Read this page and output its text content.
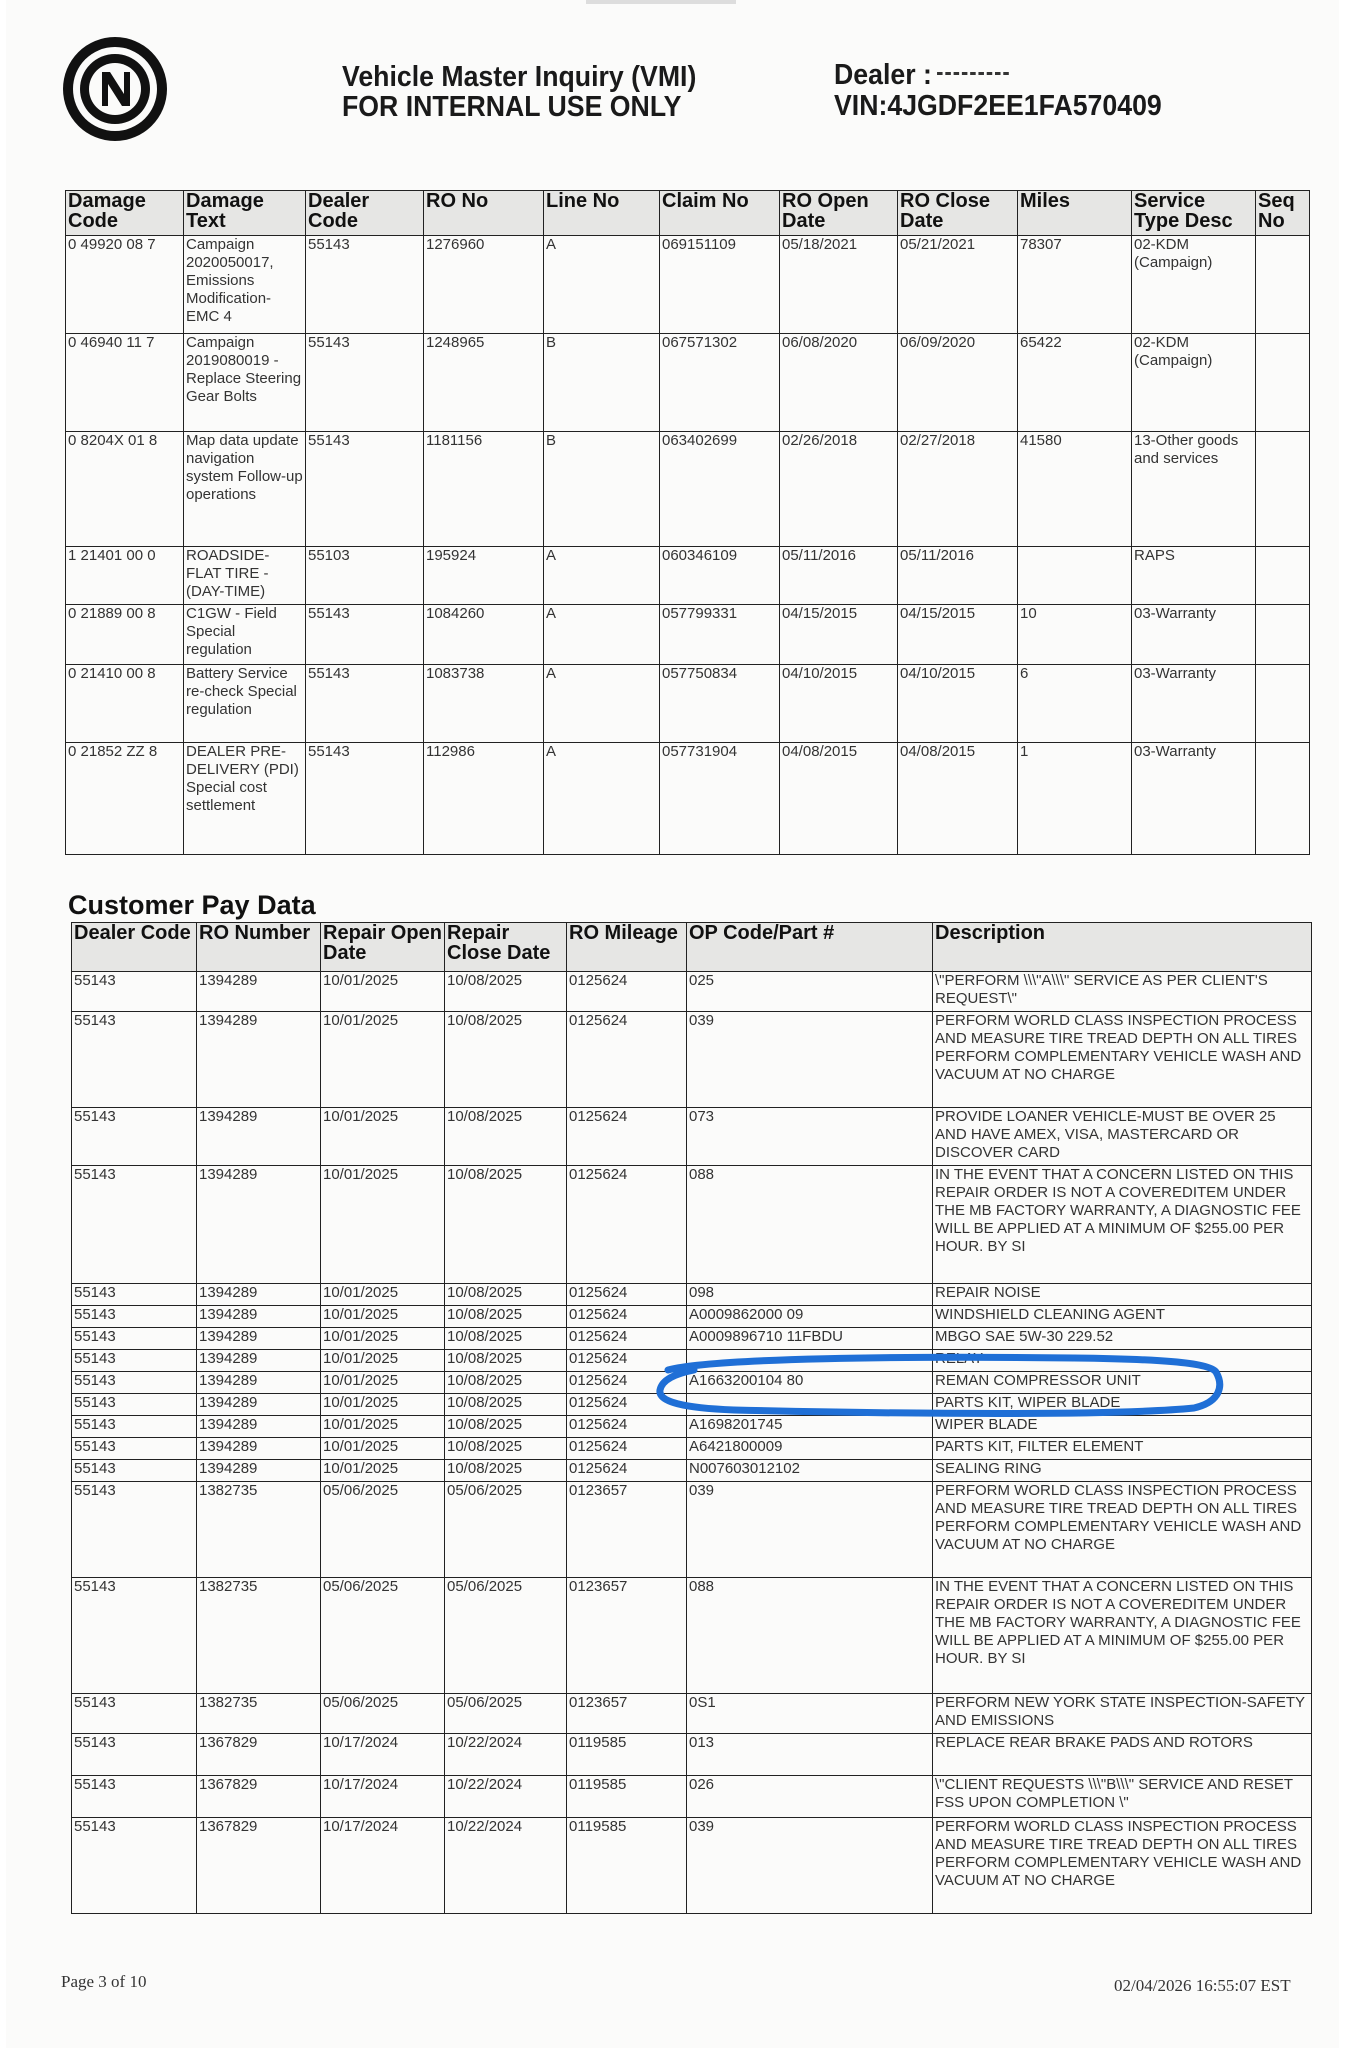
Vehicle Master Inquiry (VMI)
FOR INTERNAL USE ONLY
Dealer :
VIN:4JGDF2EE1FA570409
Damage Code	Damage Text	Dealer Code	RO No	Line No	Claim No	RO Open Date	RO Close Date	Miles	Service Type Desc	Seq No
0 49920 08 7	Campaign 2020050017, Emissions Modification-EMC 4	55143	1276960	A	069151109	05/18/2021	05/21/2021	78307	02-KDM (Campaign)	
0 46940 11 7	Campaign 2019080019 - Replace Steering Gear Bolts	55143	1248965	B	067571302	06/08/2020	06/09/2020	65422	02-KDM (Campaign)	
0 8204X 01 8	Map data update navigation system Follow-up operations	55143	1181156	B	063402699	02/26/2018	02/27/2018	41580	13-Other goods and services	
1 21401 00 0	ROADSIDE-FLAT TIRE -(DAY-TIME)	55103	195924	A	060346109	05/11/2016	05/11/2016		RAPS	
0 21889 00 8	C1GW - Field Special regulation	55143	1084260	A	057799331	04/15/2015	04/15/2015	10	03-Warranty	
0 21410 00 8	Battery Service re-check Special regulation	55143	1083738	A	057750834	04/10/2015	04/10/2015	6	03-Warranty	
0 21852 ZZ 8	DEALER PRE-DELIVERY (PDI) Special cost settlement	55143	112986	A	057731904	04/08/2015	04/08/2015	1	03-Warranty	
Customer Pay Data
Dealer Code	RO Number	Repair Open Date	Repair Close Date	RO Mileage	OP Code/Part #	Description
55143	1394289	10/01/2025	10/08/2025	0125624	025	\"PERFORM \\\"A\\\" SERVICE AS PER CLIENT'S REQUEST\"
55143	1394289	10/01/2025	10/08/2025	0125624	039	PERFORM WORLD CLASS INSPECTION PROCESS AND MEASURE TIRE TREAD DEPTH ON ALL TIRES PERFORM COMPLEMENTARY VEHICLE WASH AND VACUUM AT NO CHARGE
55143	1394289	10/01/2025	10/08/2025	0125624	073	PROVIDE LOANER VEHICLE-MUST BE OVER 25 AND HAVE AMEX, VISA, MASTERCARD OR DISCOVER CARD
55143	1394289	10/01/2025	10/08/2025	0125624	088	IN THE EVENT THAT A CONCERN LISTED ON THIS REPAIR ORDER IS NOT A COVEREDITEM UNDER THE MB FACTORY WARRANTY, A DIAGNOSTIC FEE WILL BE APPLIED AT A MINIMUM OF $255.00 PER HOUR. BY SI
55143	1394289	10/01/2025	10/08/2025	0125624	098	REPAIR NOISE
55143	1394289	10/01/2025	10/08/2025	0125624	A0009862000 09	WINDSHIELD CLEANING AGENT
55143	1394289	10/01/2025	10/08/2025	0125624	A0009896710 11FBDU	MBGO SAE 5W-30 229.52
55143	1394289	10/01/2025	10/08/2025	0125624		RELAY
55143	1394289	10/01/2025	10/08/2025	0125624	A1663200104 80	REMAN COMPRESSOR UNIT
55143	1394289	10/01/2025	10/08/2025	0125624		PARTS KIT, WIPER BLADE
55143	1394289	10/01/2025	10/08/2025	0125624	A1698201745	WIPER BLADE
55143	1394289	10/01/2025	10/08/2025	0125624	A6421800009	PARTS KIT, FILTER ELEMENT
55143	1394289	10/01/2025	10/08/2025	0125624	N007603012102	SEALING RING
55143	1382735	05/06/2025	05/06/2025	0123657	039	PERFORM WORLD CLASS INSPECTION PROCESS AND MEASURE TIRE TREAD DEPTH ON ALL TIRES PERFORM COMPLEMENTARY VEHICLE WASH AND VACUUM AT NO CHARGE
55143	1382735	05/06/2025	05/06/2025	0123657	088	IN THE EVENT THAT A CONCERN LISTED ON THIS REPAIR ORDER IS NOT A COVEREDITEM UNDER THE MB FACTORY WARRANTY, A DIAGNOSTIC FEE WILL BE APPLIED AT A MINIMUM OF $255.00 PER HOUR. BY SI
55143	1382735	05/06/2025	05/06/2025	0123657	0S1	PERFORM NEW YORK STATE INSPECTION-SAFETY AND EMISSIONS
55143	1367829	10/17/2024	10/22/2024	0119585	013	REPLACE REAR BRAKE PADS AND ROTORS
55143	1367829	10/17/2024	10/22/2024	0119585	026	\"CLIENT REQUESTS \\\"B\\\" SERVICE AND RESET FSS UPON COMPLETION \"
55143	1367829	10/17/2024	10/22/2024	0119585	039	PERFORM WORLD CLASS INSPECTION PROCESS AND MEASURE TIRE TREAD DEPTH ON ALL TIRES PERFORM COMPLEMENTARY VEHICLE WASH AND VACUUM AT NO CHARGE
Page 3 of 10	02/04/2026 16:55:07 EST
